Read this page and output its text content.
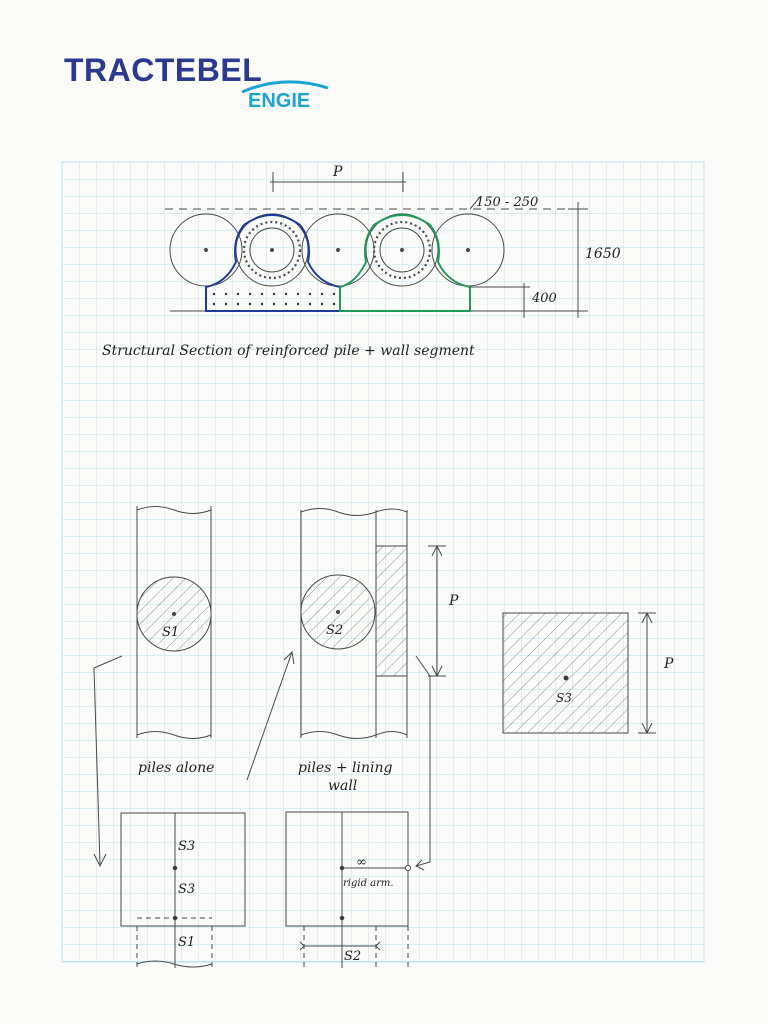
TRACTEBEL
ENGIE
P
150 - 250
1650
400
Structural Section of reinforced pile + wall segment
S1
piles alone
S2
P
piles + lining
wall
S3
P
S3
S3
S1
∞
rigid arm.
S2
